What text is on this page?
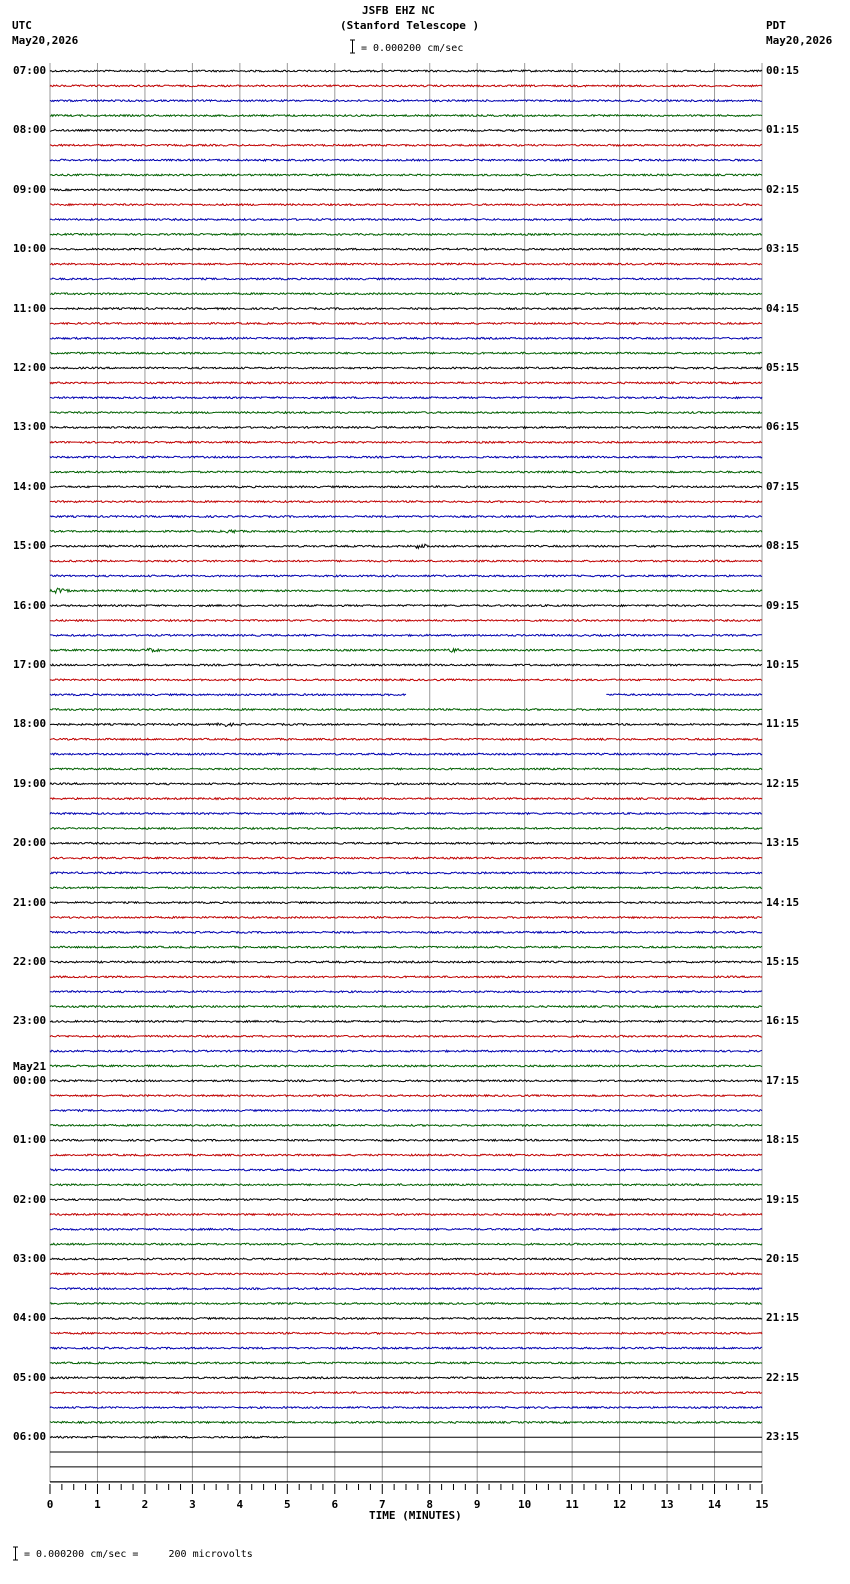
0	1	2	3	4	5	6	7	8	9	10	11	12	13	14	15
JSFB EHZ NC
(Stanford Telescope )
= 0.000200 cm/sec
UTC
May20,2026
PDT
May20,2026
TIME (MINUTES)
= 0.000200 cm/sec =     200 microvolts
07:00
08:00
09:00
10:00
11:00
12:00
13:00
14:00
15:00
16:00
17:00
18:00
19:00
20:00
21:00
22:00
23:00
00:00
May21
01:00
02:00
03:00
04:00
05:00
06:00
00:15
01:15
02:15
03:15
04:15
05:15
06:15
07:15
08:15
09:15
10:15
11:15
12:15
13:15
14:15
15:15
16:15
17:15
18:15
19:15
20:15
21:15
22:15
23:15
